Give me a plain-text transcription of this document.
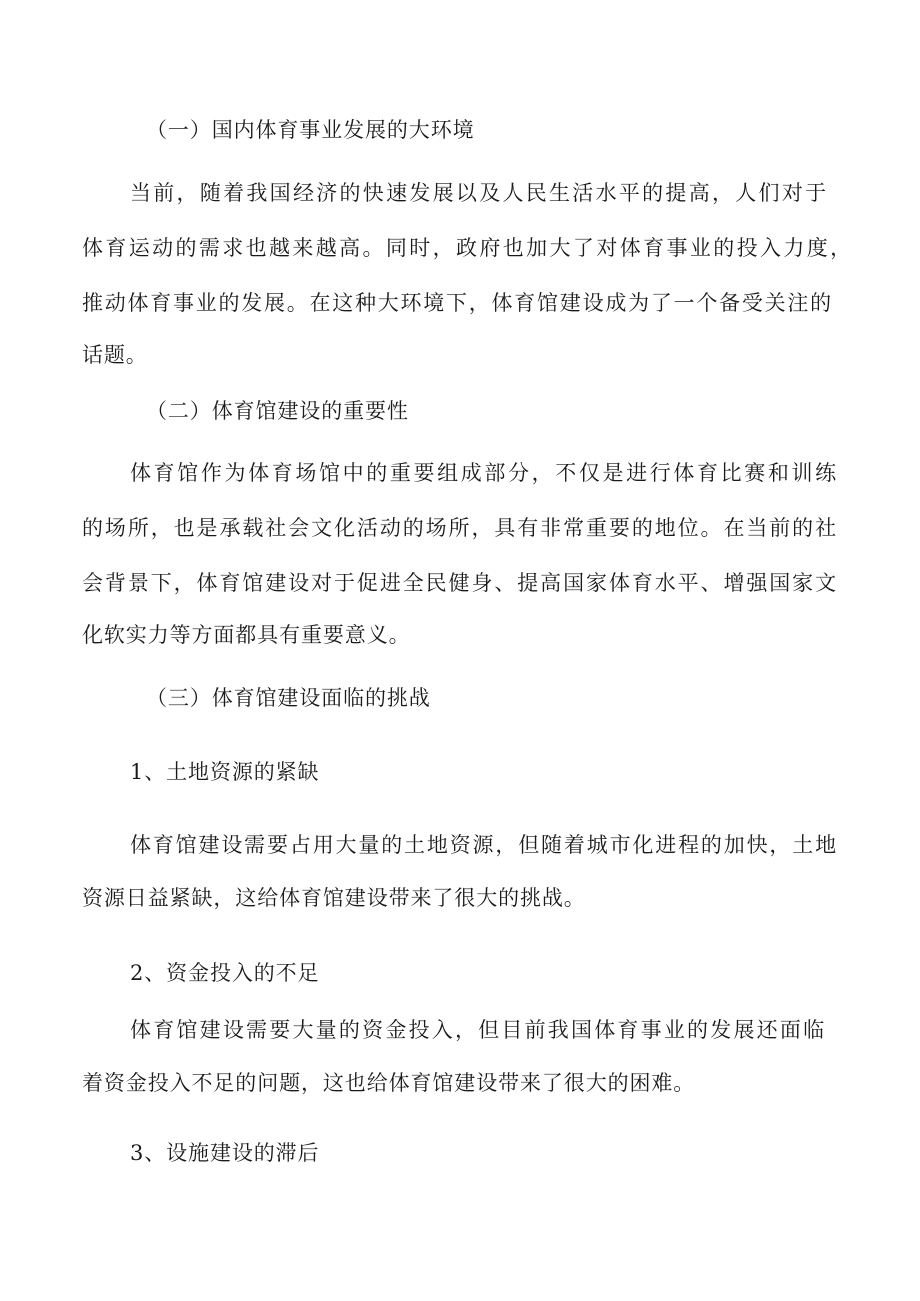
（一）国内体育事业发展的大环境
当前，随着我国经济的快速发展以及人民生活水平的提高，人们对于
体育运动的需求也越来越高。同时，政府也加大了对体育事业的投入力度，
推动体育事业的发展。在这种大环境下，体育馆建设成为了一个备受关注的
话题。
（二）体育馆建设的重要性
体育馆作为体育场馆中的重要组成部分，不仅是进行体育比赛和训练
的场所，也是承载社会文化活动的场所，具有非常重要的地位。在当前的社
会背景下，体育馆建设对于促进全民健身、提高国家体育水平、增强国家文
化软实力等方面都具有重要意义。
（三）体育馆建设面临的挑战
1、土地资源的紧缺
体育馆建设需要占用大量的土地资源，但随着城市化进程的加快，土地
资源日益紧缺，这给体育馆建设带来了很大的挑战。
2、资金投入的不足
体育馆建设需要大量的资金投入，但目前我国体育事业的发展还面临
着资金投入不足的问题，这也给体育馆建设带来了很大的困难。
3、设施建设的滞后
